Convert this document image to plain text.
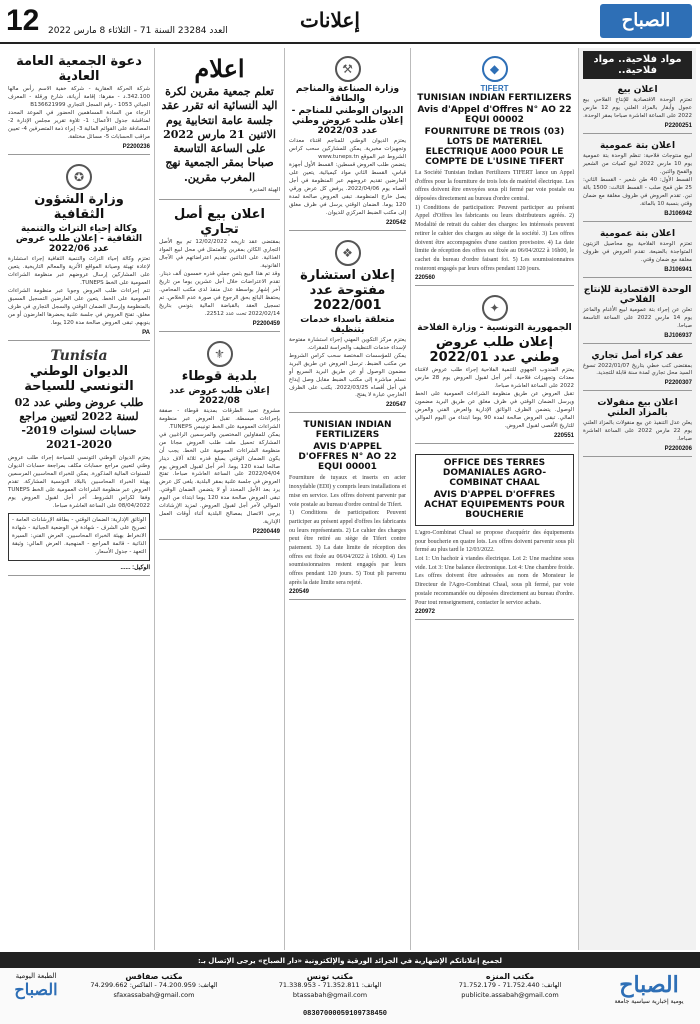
12 العدد 23284 السنة 71 - الثلاثاء 8 مارس 2022	إعلانات	الصباح
دعوة الجمعية العامة العادية
شركة الحركة العقارية - شركة خفية الاسم رأس مالها 342.100.د - مقرها: إقامة أريانة، شارع ورقلة - المعرف الجبائي 1053 - رقم السجل التجاري B136621999
الرجاء من السادة المساهمين الحضور في الموعد المحدد لمناقشة جدول الأعمال: 1- تلاوة تقرير مجلس الإدارة 2- المصادقة على القوائم المالية 3- إبراء ذمة المتصرفين 4- تعيين مراقب الحسابات 5- مسائل مختلفة.
P2200236
✪
وزارة الشؤون الثقافية
وكالة إحياء التراث والتنمية الثقافية - إعلان طلب عروض عدد 2022/06
تعتزم وكالة إحياء التراث والتنمية الثقافية إجراء استشارة لإعادة تهيئة وصيانة المواقع الأثرية والمعالم التاريخية. يتعين على المشاركين إرسال عروضهم عبر منظومة الشراءات العمومية على الخط TUNEPS.
تتم إجراءات طلب العروض وجوبا عبر منظومة الشراءات العمومية على الخط. يتعين على العارضين التسجيل المسبق بالمنظومة وإرسال الضمان الوقتي والسجل التجاري في ظرف مغلق. تفتح العروض في جلسة علنية يحضرها العارضون أو من ينوبهم. تبقى العروض صالحة مدة 120 يوما.
PA
Tunisia
الديوان الوطني التونسي للسياحة
طلب عروض وطني عدد 02 لسنة 2022 لتعيين مراجع حسابات لسنوات 2019-2020-2021
يعتزم الديوان الوطني التونسي للسياحة إجراء طلب عروض وطني لتعيين مراجع حسابات مكلف بمراجعة حسابات الديوان للسنوات المالية المذكورة. يمكن للخبراء المحاسبين المرسمين بهيئة الخبراء المحاسبين بالبلاد التونسية المشاركة. تقدم العروض عبر منظومة الشراءات العمومية على الخط TUNEPS وفقا لكراس الشروط. آخر أجل لقبول العروض يوم 08/04/2022 على الساعة العاشرة صباحا.
الوثائق الإدارية: الضمان الوقتي - بطاقة الإرشادات العامة - تصريح على الشرف - شهادة في الوضعية الجبائية - شهادة الانخراط بهيئة الخبراء المحاسبين. العرض الفني: السيرة الذاتية - قائمة المراجع - المنهجية. العرض المالي: وثيقة التعهد - جدول الأسعار.
الوكيل: ......
اعلام
تعلم جمعية مقرين لكرة اليد النسائية انه تقرر عقد جلسة عامة انتخابية يوم الاثنين 21 مارس 2022 على الساعة التاسعة صباحا بمقر الجمعية نهج المغرب مقرين.
الهيئة المديرة
اعلان بيع أصل تجاري
بمقتضى عقد تاريخه 12/02/2022 تم بيع الأصل التجاري الكائن بمقرين والمتمثل في محل لبيع المواد الغذائية. على الدائنين تقديم اعتراضاتهم في الآجال القانونية.
وقد تم هذا البيع بثمن جملي قدره خمسون ألف دينار. تقدم الاعتراضات خلال أجل عشرين يوما من تاريخ آخر إشهار بواسطة عدل منفذ لدى مكتب المحامي. يحتفظ البائع بحق الرجوع في صورة عدم الخلاص. تم تسجيل العقد بالقباضة المالية بتونس بتاريخ 2022/02/14 تحت عدد 22512.
P2200459
⚜
بلدية قوطاء
إعلان طلب عروض عدد 2022/08
مشروع تعبيد الطرقات بمدينة قوطاء - صفقة بإجراءات مبسطة. تقبل العروض عبر منظومة الشراءات العمومية على الخط تونيبس TUNEPS.
يمكن للمقاولين المختصين والمرسمين الراغبين في المشاركة تحميل ملف طلب العروض مجانا من منظومة الشراءات العمومية على الخط. يجب أن يكون الضمان الوقتي بمبلغ قدره ثلاثة آلاف دينار صالحا لمدة 120 يوما. آخر أجل لقبول العروض يوم 2022/04/04 على الساعة العاشرة صباحا. تفتح العروض في جلسة علنية بمقر البلدية. يلغى كل عرض يرد بعد الأجل المحدد أو لا يتضمن الضمان الوقتي. تبقى العروض صالحة مدة 120 يوما ابتداء من اليوم الموالي لآخر أجل لقبول العروض. لمزيد الإرشادات يرجى الاتصال بمصالح البلدية أثناء أوقات العمل الإدارية.
P2200449
⚒
وزارة الصناعة والمناجم والطاقة
الديوان الوطني للمناجم - إعلان طلب عروض وطني عدد 2022/03
يعتزم الديوان الوطني للمناجم اقتناء معدات وتجهيزات مخبرية. يمكن للمشاركين سحب كراس الشروط عبر الموقع www.tuneps.tn
يتضمن طلب العروض قسطين: القسط الأول أجهزة قياس، القسط الثاني مواد كيميائية. يتعين على العارضين تقديم عروضهم عبر المنظومة في أجل أقصاه يوم 2022/04/06. يرفض كل عرض ورقي يصل خارج المنظومة. تبقى العروض صالحة لمدة 120 يوما. الضمان الوقتي يرسل في ظرف مغلق إلى مكتب الضبط المركزي للديوان.
220542
❖
إعلان استشارة مفتوحة عدد 2022/001
متعلقة باسداء خدمات بتنظيف
يعتزم مركز التكوين المهني إجراء استشارة مفتوحة لإسداء خدمات التنظيف والحراسة للمقرات.
يمكن للمؤسسات المختصة سحب كراس الشروط من مكتب الضبط. ترسل العروض عن طريق البريد مضمون الوصول أو عن طريق البريد السريع أو تسلم مباشرة إلى مكتب الضبط مقابل وصل إيداع في أجل أقصاه 2022/03/25. يكتب على الظرف الخارجي عبارة لا يفتح.
220547
TUNISIAN INDIAN FERTILIZERS
AVIS D'APPEL D'OFFRES N° AO 22 EQUI 00001
Fourniture de tuyaux et inserts en acier inoxydable (EDI) y compris leurs installations et mise en service. Les offres doivent parvenir par voie postale au bureau d'ordre central de Tifert.
1) Conditions de participation: Peuvent participer au présent appel d'offres les fabricants ou leurs représentants. 2) Le cahier des charges peut être retiré au siège de Tifert contre paiement. 3) La date limite de réception des offres est fixée au 06/04/2022 à 16h00. 4) Les soumissionnaires restent engagés par leurs offres pendant 120 jours. 5) Tout pli parvenu après la date limite sera rejeté.
220549
◆
TIFERT
TUNISIAN INDIAN FERTILIZERS
Avis d'Appel d'Offres N° AO 22 EQUI 00002
FOURNITURE DE TROIS (03) LOTS DE MATERIEL ELECTRIQUE A000 POUR LE COMPTE DE L'USINE TIFERT
La Société Tunisian Indian Fertilizers TIFERT lance un Appel d'offres pour la fourniture de trois lots de matériel électrique. Les offres doivent être envoyées sous pli fermé par voie postale ou déposées directement au bureau d'ordre central.
1) Conditions de participation: Peuvent participer au présent Appel d'Offres les fabricants ou leurs distributeurs agréés. 2) Modalité de retrait du cahier des charges: les intéressés peuvent retirer le cahier des charges au siège de la société. 3) Les offres doivent être accompagnées d'une caution provisoire. 4) La date limite de réception des offres est fixée au 06/04/2022 à 16h00, le cachet du bureau d'ordre faisant foi. 5) Les soumissionnaires resteront engagés par leurs offres pendant 120 jours.
220560
✦
الجمهورية التونسية - وزارة الفلاحة
إعلان طلب عروض وطني عدد 2022/01
يعتزم المندوب الجهوي للتنمية الفلاحية إجراء طلب عروض لاقتناء معدات وتجهيزات فلاحية. آخر أجل لقبول العروض يوم 28 مارس 2022 على الساعة العاشرة صباحا.
تقبل العروض عن طريق منظومة الشراءات العمومية على الخط ويرسل الضمان الوقتي في ظرف مغلق عن طريق البريد مضمون الوصول. يتضمن الظرف الوثائق الإدارية والعرض الفني والعرض المالي. تبقى العروض صالحة لمدة 90 يوما ابتداء من اليوم الموالي للتاريخ الأقصى لقبول العروض.
220551
OFFICE DES TERRES DOMANIALES AGRO-COMBINAT CHAAL
AVIS D'APPEL D'OFFRES ACHAT EQUIPEMENTS POUR BOUCHERIE
L'agro-Combinat Chaal se propose d'acquérir des équipements pour boucherie en quatre lots. Les offres doivent parvenir sous pli fermé au plus tard le 12/03/2022.
Lot 1: Un hachoir à viandes électrique. Lot 2: Une machine sous vide. Lot 3: Une balance électronique. Lot 4: Une chambre froide. Les offres doivent être adressées au nom de Monsieur le Directeur de l'Agro-Combinat Chaal, sous pli fermé, par voie postale recommandée ou déposées directement au bureau d'ordre. Pour tout renseignement, contacter le service achats.
220972
مواد فلاحية.. مواد فلاحية..
اعلان بيع
تعتزم الوحدة الاقتصادية للإنتاج الفلاحي بيع عجول وأبقار بالمزاد العلني يوم 12 مارس 2022 على الساعة العاشرة صباحا بمقر الوحدة.
P2200251
اعلان بتة عمومية
لبيع منتوجات فلاحية: تنظم الوحدة بتة عمومية يوم 10 مارس 2022 لبيع كميات من الشعير والقمح والتبن.
القسط الأول: 40 طن شعير - القسط الثاني: 25 طن قمح صلب - القسط الثالث: 1500 بالة تبن. تقدم العروض في ظروف مغلقة مع ضمان وقتي بنسبة 10 بالمائة.
BJ106942
اعلان بتة عمومية
تعتزم الوحدة الفلاحية بيع محاصيل الزيتون المتواجدة بالضيعة. تقدم العروض في ظروف مغلقة مع ضمان وقتي.
BJ106941
الوحدة الاقتصادية للإنتاج الفلاحي
تعلن عن إجراء بتة عمومية لبيع الأغنام والماعز يوم 14 مارس 2022 على الساعة التاسعة صباحا.
BJ106937
عقد كراء أصل تجاري
بمقتضى كتب خطي بتاريخ 2022/01/07 تسوغ السيد محل تجاري لمدة سنة قابلة للتجديد.
P2200307
اعلان بيع منقولات بالمزاد العلني
يعلن عدل التنفيذ عن بيع منقولات بالمزاد العلني يوم 22 مارس 2022 على الساعة العاشرة صباحا.
P2200206
لجميع إعلاناتكم الإشهارية في الجرائد الورقية والإلكترونية «دار الصباح» يرجى الإتصال بـ:
الطبعة اليومية
الصباح
مكتب صفاقس
الهاتف: 74.200.959 - الفاكس: 74.299.662
sfaxassabah@gmail.com
مكتب تونس
الهاتف: 71.352.811 - 71.338.953
btassabah@gmail.com
مكتب المنزه
الهاتف: 71.752.440 - 71.752.179
publicite.assabah@gmail.com	الصباح
يومية إخبارية سياسية جامعة
08307000059109738450
